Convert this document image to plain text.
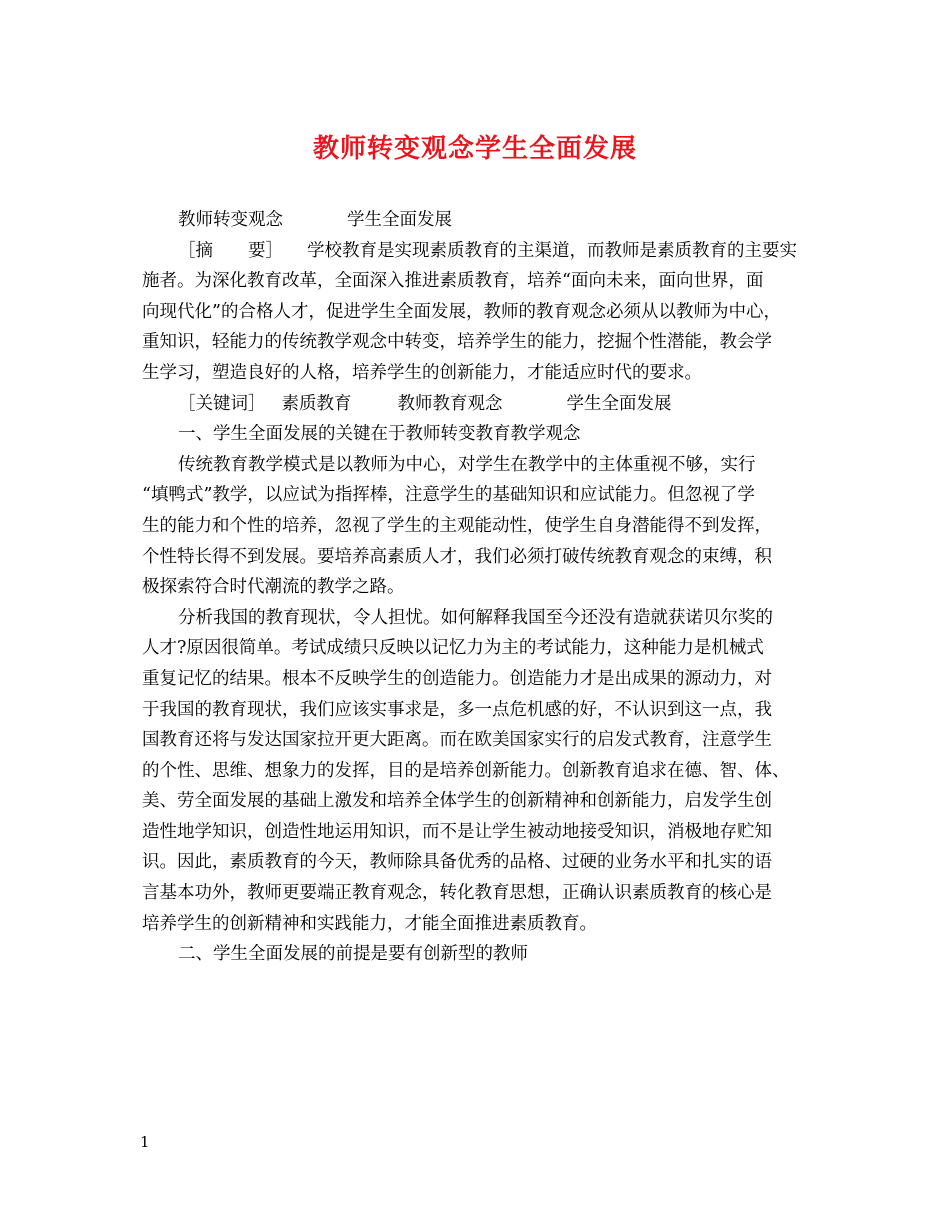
教师转变观念学生全面发展
教师转变观念	学生全面发展
［摘　　要］ 学校教育是实现素质教育的主渠道，而教师是素质教育的主要实
施者。为深化教育改革，全面深入推进素质教育，培养“面向未来，面向世界，面
向现代化”的合格人才，促进学生全面发展，教师的教育观念必须从以教师为中心，
重知识，轻能力的传统教学观念中转变，培养学生的能力，挖掘个性潜能，教会学
生学习，塑造良好的人格，培养学生的创新能力，才能适应时代的要求。
［关键词］ 素质教育	教师教育观念	学生全面发展
一、学生全面发展的关键在于教师转变教育教学观念
传统教育教学模式是以教师为中心，对学生在教学中的主体重视不够，实行
“填鸭式”教学，以应试为指挥棒，注意学生的基础知识和应试能力。但忽视了学
生的能力和个性的培养，忽视了学生的主观能动性，使学生自身潜能得不到发挥，
个性特长得不到发展。要培养高素质人才，我们必须打破传统教育观念的束缚，积
极探索符合时代潮流的教学之路。
分析我国的教育现状，令人担忧。如何解释我国至今还没有造就获诺贝尔奖的
人才?原因很简单。考试成绩只反映以记忆力为主的考试能力，这种能力是机械式
重复记忆的结果。根本不反映学生的创造能力。创造能力才是出成果的源动力，对
于我国的教育现状，我们应该实事求是，多一点危机感的好，不认识到这一点，我
国教育还将与发达国家拉开更大距离。而在欧美国家实行的启发式教育，注意学生
的个性、思维、想象力的发挥，目的是培养创新能力。创新教育追求在德、智、体、
美、劳全面发展的基础上激发和培养全体学生的创新精神和创新能力，启发学生创
造性地学知识，创造性地运用知识，而不是让学生被动地接受知识，消极地存贮知
识。因此，素质教育的今天，教师除具备优秀的品格、过硬的业务水平和扎实的语
言基本功外，教师更要端正教育观念，转化教育思想，正确认识素质教育的核心是
培养学生的创新精神和实践能力，才能全面推进素质教育。
二、学生全面发展的前提是要有创新型的教师
1
